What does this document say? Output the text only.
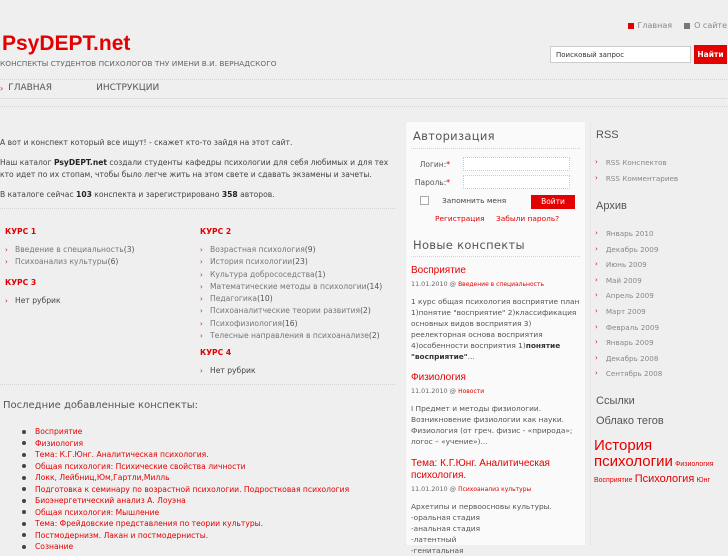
Главная	О сайте
PsyDEPT.net
КОНСПЕКТЫ СТУДЕНТОВ ПСИХОЛОГОВ ТНУ ИМЕНИ В.И. ВЕРНАДСКОГО
Поисковый запрос
Найти
› ГЛАВНАЯ	ИНСТРУКЦИИ

А вот и конспект который все ищут! - скажет кто-то зайдя на этот сайт.

Наш каталог PsyDEPT.net создали студенты кафедры психологии для себя любимых и для тех кто идет по их стопам, чтобы было легче жить на этом свете и сдавать экзамены и зачеты.

В каталоге сейчас 103 конспекта и зарегистрировано 358 авторов.

КУРС 1
› Введение в специальность (3)
› Психоанализ культуры (6)
КУРС 3
› Нет рубрик
КУРС 2
› Возрастная психология (9)
› История психологии (23)
› Культура добрососедства (1)
› Математические методы в психологии (14)
› Педагогика (10)
› Психоаналитческие теории развития (2)
› Психофизиология (16)
› Телесные направления в психоанализе (2)
КУРС 4
› Нет рубрик
Последние добавленные конспекты:
Восприятие
Физиология
Тема: К.Г.Юнг. Аналитическая психология.
Общая психология: Психические свойства личности
Локк, Лейбниц,Юм,Гартли,Милль
Подготовка к семинару по возрастной психологии. Подростковая психология
Биоэнергетический анализ А. Лоуэна
Общая психология: Мышление
Тема: Фрейдовские представления по теории культуры.
Постмодернизм. Лакан и постмодернисты.
Сознание
Авторизация
Логин:*
Пароль:*
Запомнить меня	Войти
Регистрация Забыли пароль?
Новые конспекты
Восприятие
11.01.2010 @ Введение в специальность
1 курс общая психология восприятие план 1)понятие "восприятие" 2)классификация основных видов восприятия 3) реелекторная основа восприятия 4)особенности восприятия 1)понятие "восприятие"...
Физиология
11.01.2010 @ Новости
I Предмет и методы физиологии. Возникновение физиологии как науки. Физиология (от греч. физис - «природа»; логос – «учение»)...
Тема: К.Г.Юнг. Аналитическая психология.
11.01.2010 @ Психоанализ культуры
Архетипы и первоосновы культуры.
-оральная стадия
-анальная стадия
-латентный
-генитальная
RSS
› RSS Конспектов
› RSS Комментариев
Архив
› Январь 2010
› Декабрь 2009
› Июнь 2009
› Май 2009
› Апрель 2009
› Март 2009
› Февраль 2009
› Январь 2009
› Декабрь 2008
› Сентябрь 2008
Ссылки
Облако тегов
История психологии Физиология Восприятие Психология Юнг
